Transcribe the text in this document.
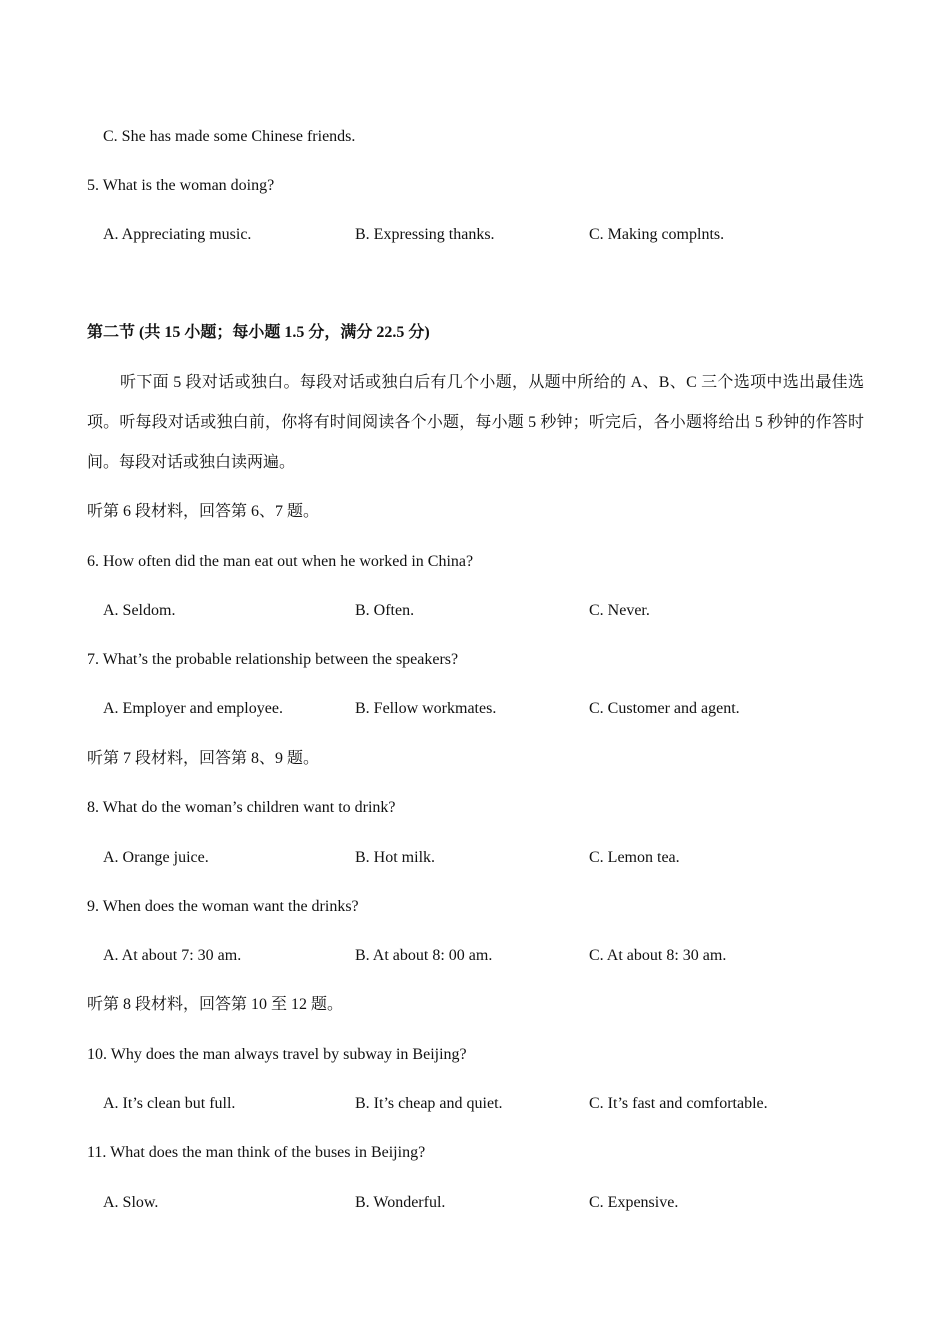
C. She has made some Chinese friends.
5. What is the woman doing?
A. Appreciating music.	B. Expressing thanks.	C. Making complnts.
第二节 (共 15 小题；每小题 1.5 分，满分 22.5 分)
听下面 5 段对话或独白。每段对话或独白后有几个小题，从题中所给的 A、B、C 三个选项中选出最佳选项。听每段对话或独白前，你将有时间阅读各个小题，每小题 5 秒钟；听完后，各小题将给出 5 秒钟的作答时间。每段对话或独白读两遍。
听第 6 段材料，回答第 6、7 题。
6. How often did the man eat out when he worked in China?
A. Seldom.	B. Often.	C. Never.
7. What’s the probable relationship between the speakers?
A. Employer and employee.	B. Fellow workmates.	C. Customer and agent.
听第 7 段材料，回答第 8、9 题。
8. What do the woman’s children want to drink?
A. Orange juice.	B. Hot milk.	C. Lemon tea.
9. When does the woman want the drinks?
A. At about 7: 30 am.	B. At about 8: 00 am.	C. At about 8: 30 am.
听第 8 段材料，回答第 10 至 12 题。
10. Why does the man always travel by subway in Beijing?
A. It’s clean but full.	B. It’s cheap and quiet.	C. It’s fast and comfortable.
11. What does the man think of the buses in Beijing?
A. Slow.	B. Wonderful.	C. Expensive.
